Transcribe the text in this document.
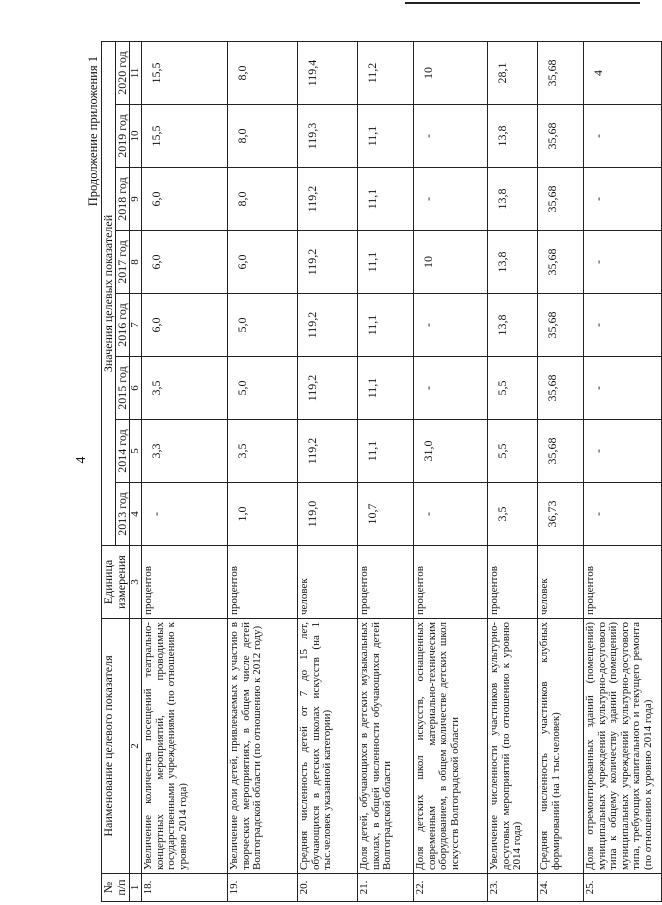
4
Продолжение приложения 1
№ п/п	Наименование целевого показателя	Единица измерения	Значения целевых показателей							
			2013 год	2014 год	2015 год	2016 год	2017 год	2018 год	2019 год	2020 год
1	2	3	4	5	6	7	8	9	10	11
18.	Увеличение количества посещений театрально-концертных мероприятий, проводимых государственными учреждениями (по отношению к уровню 2014 года)	процентов	-	3,3	3,5	6,0	6,0	6,0	15,5	15,5
19.	Увеличение доли детей, привлекаемых к участию в творческих мероприятиях, в общем числе детей Волгоградской области (по отношению к 2012 году)	процентов	1,0	3,5	5,0	5,0	6,0	8,0	8,0	8,0
20.	Средняя численность детей от 7 до 15 лет, обучающихся в детских школах искусств (на 1 тыс.человек указанной категории)	человек	119,0	119,2	119,2	119,2	119,2	119,2	119,3	119,4
21.	Доля детей, обучающихся в детских музыкальных школах, в общей численности обучающихся детей Волгоградской области	процентов	10,7	11,1	11,1	11,1	11,1	11,1	11,1	11,2
22.	Доля детских школ искусств, оснащенных современным материально-техническим оборудованием, в общем количестве детских школ искусств Волгоградской области	процентов	-	31,0	-	-	10	-	-	10
23.	Увеличение численности участников культурно-досуговых мероприятий (по отношению к уровню 2014 года)	процентов	3,5	5,5	5,5	13,8	13,8	13,8	13,8	28,1
24.	Средняя численность участников клубных формирований (на 1 тыс.человек)	человек	36,73	35,68	35,68	35,68	35,68	35,68	35,68	35,68
25.	Доля отремонтированных зданий (помещений) муниципальных учреждений культурно-досугового типа к общему количеству зданий (помещений) муниципальных учреждений культурно-досугового типа, требующих капитального и текущего ремонта (по отношению к уровню 2014 года)	процентов	-	-	-	-	-	-	-	4
